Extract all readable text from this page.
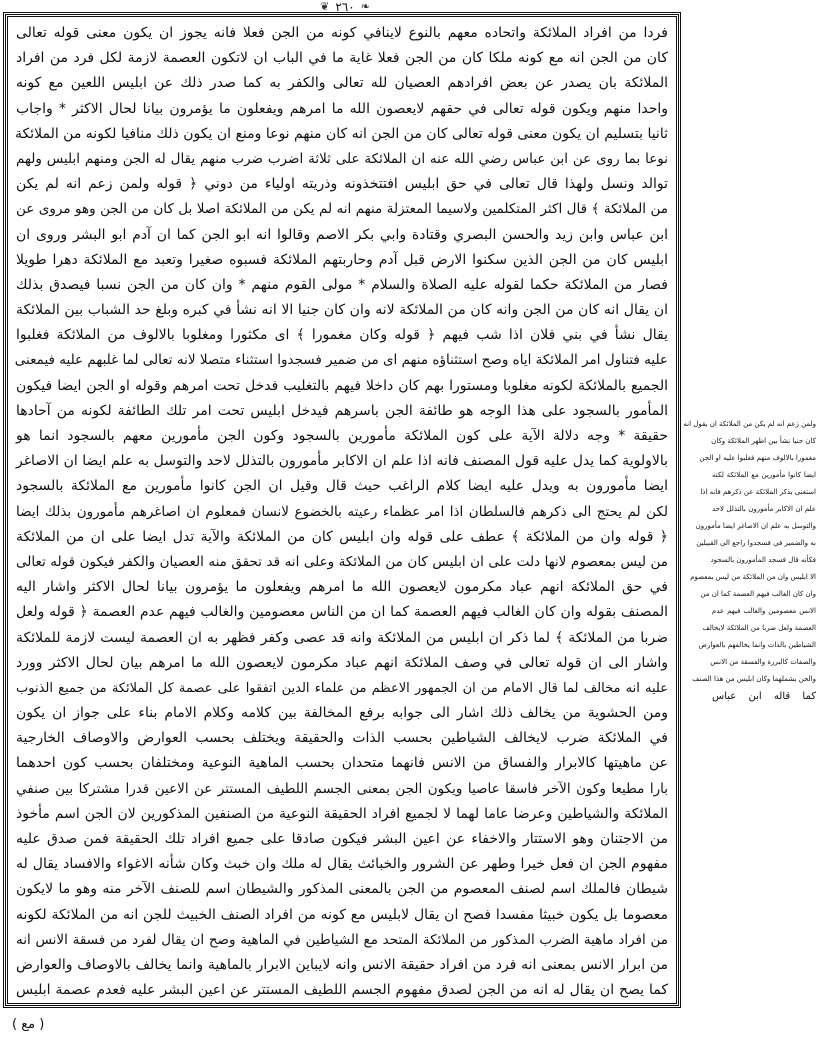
❦ ٢٦٠ ❧
فردا من افراد الملائكة واتحاده معهم بالنوع لاينافي كونه من الجن فعلا فانه يجوز ان يكون معنى قوله تعالى
كان من الجن انه مع كونه ملكا كان من الجن فعلا غاية ما في الباب ان لاتكون العصمة لازمة لكل فرد من افراد
الملائكة بان يصدر عن بعض افرادهم العصيان لله تعالى والكفر به كما صدر ذلك عن ابليس اللعين مع كونه
واحدا منهم ويكون قوله تعالى في حقهم لايعصون الله ما امرهم ويفعلون ما يؤمرون بيانا لحال الاكثر * واجاب
ثانيا بتسليم ان يكون معنى قوله تعالى كان من الجن انه كان منهم نوعا ومنع ان يكون ذلك منافيا لكونه من الملائكة
نوعا بما روى عن ابن عباس رضي الله عنه ان الملائكة على ثلاثة اضرب ضرب منهم يقال له الجن ومنهم ابليس ولهم
توالد ونسل ولهذا قال تعالى في حق ابليس افتتخذونه وذريته اولياء من دوني ﴿ قوله ولمن زعم انه لم يكن
من الملائكة ﴾ قال اكثر المتكلمين ولاسيما المعتزلة منهم انه لم يكن من الملائكة اصلا بل كان من الجن وهو مروى عن
ابن عباس وابن زيد والحسن البصري وقتادة وابي بكر الاصم وقالوا انه ابو الجن كما ان آدم ابو البشر وروى ان
ابليس كان من الجن الذين سكنوا الارض قبل آدم وحاربتهم الملائكة فسبوه صغيرا وتعبد مع الملائكة دهرا طويلا
فصار من الملائكة حكما لقوله عليه الصلاة والسلام * مولى القوم منهم * وان كان من الجن نسبا فيصدق بذلك
ان يقال انه كان من الجن وانه كان من الملائكة لانه وان كان جنيا الا انه نشأ في كبره وبلغ حد الشباب بين الملائكة
يقال نشأ في بني فلان اذا شب فيهم ﴿ قوله وكان مغمورا ﴾ اى مكثورا ومغلوبا بالالوف من الملائكة فغلبوا
عليه فتناول امر الملائكة اياه وصح استثناؤه منهم اى من ضمير فسجدوا استثناء متصلا لانه تعالى لما غلبهم عليه فيمعنى
الجميع بالملائكة لكونه مغلوبا ومستورا بهم كان داخلا فيهم بالتغليب فدخل تحت امرهم وقوله او الجن ايضا فيكون
المأمور بالسجود على هذا الوجه هو طائفة الجن باسرهم فيدخل ابليس تحت امر تلك الطائفة لكونه من آحادها
حقيقة * وجه دلالة الآية على كون الملائكة مأمورين بالسجود وكون الجن مأمورين معهم بالسجود انما هو
بالاولوية كما يدل عليه قول المصنف فانه اذا علم ان الاكابر مأمورون بالتذلل لاحد والتوسل به علم ايضا ان الاصاغر
ايضا مأمورون به ويدل عليه ايضا كلام الراغب حيث قال وقيل ان الجن كانوا مأمورين مع الملائكة بالسجود
لكن لم يحتج الى ذكرهم فالسلطان اذا امر عظماء رعيته بالخضوع لانسان فمعلوم ان اصاغرهم مأمورون بذلك ايضا
﴿ قوله وان من الملائكة ﴾ عطف على قوله وان ابليس كان من الملائكة والآية تدل ايضا على ان من الملائكة
من ليس بمعصوم لانها دلت على ان ابليس كان من الملائكة وعلى انه قد تحقق منه العصيان والكفر فيكون قوله تعالى
في حق الملائكة انهم عباد مكرمون لايعصون الله ما امرهم ويفعلون ما يؤمرون بيانا لحال الاكثر واشار اليه
المصنف بقوله وان كان الغالب فيهم العصمة كما ان من الناس معصومين والغالب فيهم عدم العصمة ﴿ قوله ولعل
ضربا من الملائكة ﴾ لما ذكر ان ابليس من الملائكة وانه قد عصى وكفر فظهر به ان العصمة ليست لازمة للملائكة
واشار الى ان قوله تعالى في وصف الملائكة انهم عباد مكرمون لايعصون الله ما امرهم بيان لحال الاكثر وورد
عليه انه مخالف لما قال الامام من ان الجمهور الاعظم من علماء الدين اتفقوا على عصمة كل الملائكة من جميع الذنوب
ومن الحشوية من يخالف ذلك اشار الى جوابه برفع المخالفة بين كلامه وكلام الامام بناء على جواز ان يكون
في الملائكة ضرب لايخالف الشياطين بحسب الذات والحقيقة ويختلف بحسب العوارض والاوصاف الخارجية
عن ماهيتها كالابرار والفساق من الانس فانهما متحدان بحسب الماهية النوعية ومختلفان بحسب كون احدهما
بارا مطيعا وكون الآخر فاسقا عاصيا ويكون الجن بمعنى الجسم اللطيف المستتر عن الاعين قدرا مشتركا بين صنفي
الملائكة والشياطين وعرضا عاما لهما لا لجميع افراد الحقيقة النوعية من الصنفين المذكورين لان الجن اسم مأخوذ
من الاجتنان وهو الاستتار والاخفاء عن اعين البشر فيكون صادقا على جميع افراد تلك الحقيقة فمن صدق عليه
مفهوم الجن ان فعل خيرا وطهر عن الشرور والخبائث يقال له ملك وان خبث وكان شأنه الاغواء والافساد يقال له
شيطان فالملك اسم لصنف المعصوم من الجن بالمعنى المذكور والشيطان اسم للصنف الآخر منه وهو ما لايكون
معصوما بل يكون خبيثا مفسدا فصح ان يقال لابليس مع كونه من افراد الصنف الخبيث للجن انه من الملائكة لكونه
من افراد ماهية الضرب المذكور من الملائكة المتحد مع الشياطين في الماهية وصح ان يقال لفرد من فسقة الانس انه
من ابرار الانس بمعنى انه فرد من افراد حقيقة الانس وانه لايباين الابرار بالماهية وانما يخالف بالاوصاف والعوارض
كما يصح ان يقال له انه من الجن لصدق مفهوم الجسم اللطيف المستتر عن اعين البشر عليه فعدم عصمة ابليس
ولمن زعم انه لم يكن من الملائكة ان يقول انه
كان جنيا نشأ بين اظهر الملائكة وكان
مغمورا بالالوف منهم فغلبوا عليه او الجن
ايضا كانوا مأمورين مع الملائكة لكنه
استغنى بذكر الملائكة عن ذكرهم فانه اذا
علم ان الاكابر مأمورون بالتذلل لاحد
والتوسل به علم ان الاصاغر ايضا مأمورون
به والضمير في فسجدوا راجع الى القبيلين
فكأنه قال فسجد المأمورون بالسجود
الا ابليس وان من الملائكة من ليس بمعصوم
وان كان الغالب فيهم العصمة كما ان من
الانس معصومين والغالب فيهم عدم
العصمة ولعل ضربا من الملائكة لايخالف
الشياطين بالذات وانما يخالفهم بالعوارض
والصفات كالبررة والفسقة من الانس
والجن يشملهما وكان ابليس من هذا الصنف
كما قاله ابن عباس
( مع )
